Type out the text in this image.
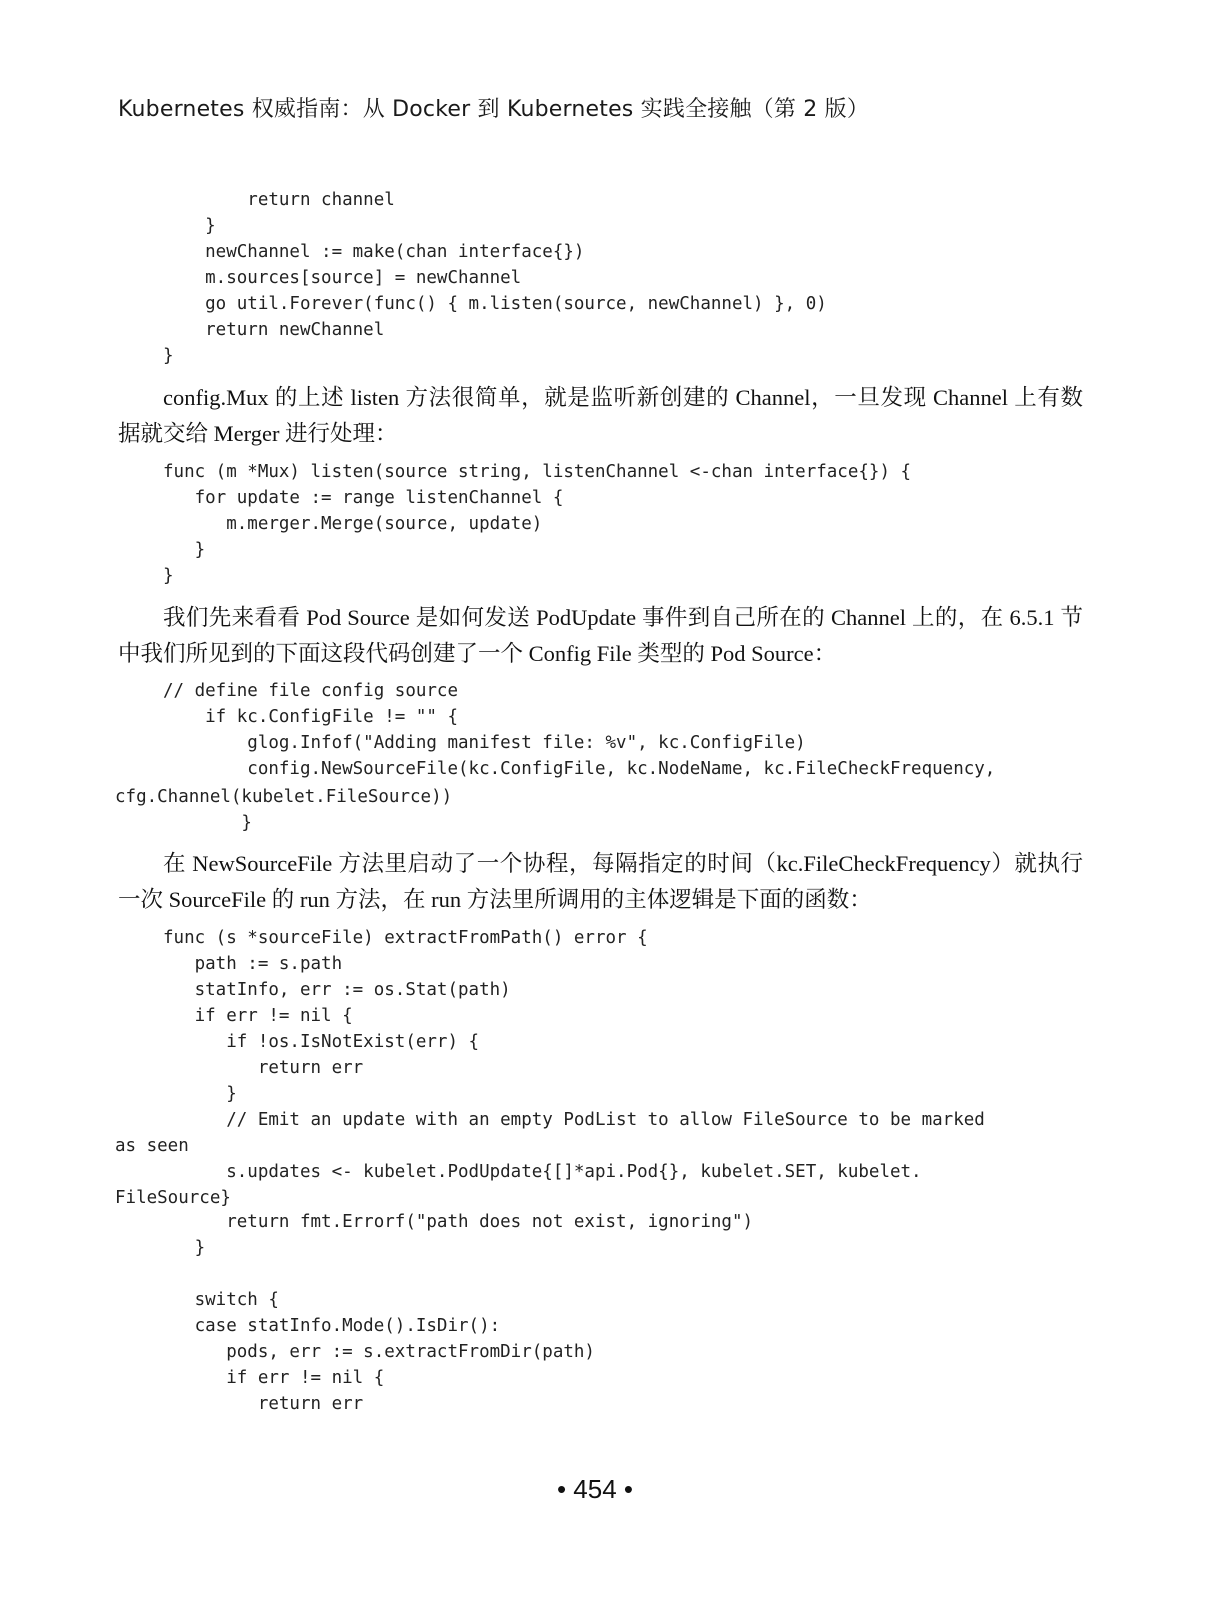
Kubernetes 权威指南：从 Docker 到 Kubernetes 实践全接触（第 2 版）
return channel
}
newChannel := make(chan interface{})
m.sources[source] = newChannel
go util.Forever(func() { m.listen(source, newChannel) }, 0)
return newChannel
}

config.Mux 的上述 listen 方法很简单，就是监听新创建的 Channel，一旦发现 Channel 上有数据就交给 Merger 进行处理：

func (m *Mux) listen(source string, listenChannel <-chan interface{}) {
for update := range listenChannel {
m.merger.Merge(source, update)
}
}

我们先来看看 Pod Source 是如何发送 PodUpdate 事件到自己所在的 Channel 上的，在 6.5.1 节中我们所见到的下面这段代码创建了一个 Config File 类型的 Pod Source：

// define file config source
if kc.ConfigFile != "" {
glog.Infof("Adding manifest file: %v", kc.ConfigFile)
config.NewSourceFile(kc.ConfigFile, kc.NodeName, kc.FileCheckFrequency,
cfg.Channel(kubelet.FileSource))
}

在 NewSourceFile 方法里启动了一个协程，每隔指定的时间（kc.FileCheckFrequency）就执行一次 SourceFile 的 run 方法，在 run 方法里所调用的主体逻辑是下面的函数：

func (s *sourceFile) extractFromPath() error {
path := s.path
statInfo, err := os.Stat(path)
if err != nil {
if !os.IsNotExist(err) {
return err
}
// Emit an update with an empty PodList to allow FileSource to be marked
as seen
s.updates <- kubelet.PodUpdate{[]*api.Pod{}, kubelet.SET, kubelet.
FileSource}
return fmt.Errorf("path does not exist, ignoring")
}

switch {
case statInfo.Mode().IsDir():
pods, err := s.extractFromDir(path)
if err != nil {
return err
• 454 •
